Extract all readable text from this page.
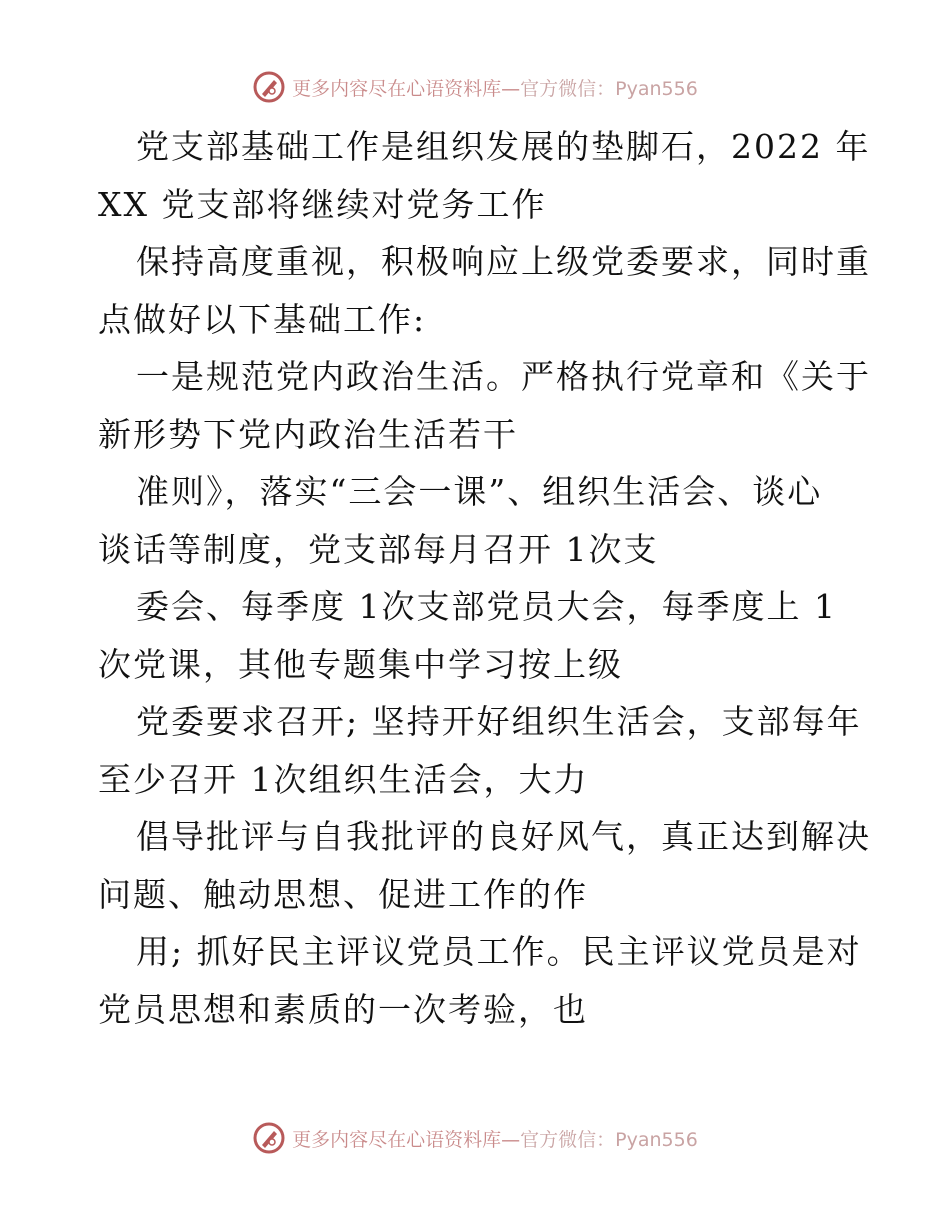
更多内容尽在心语资料库—官方微信：Pyan556
党支部基础工作是组织发展的垫脚石，2022 年
XX 党支部将继续对党务工作
保持高度重视，积极响应上级党委要求，同时重
点做好以下基础工作:
一是规范党内政治生活。严格执行党章和《关于
新形势下党内政治生活若干
准则》，落实“三会一课”、组织生活会、谈心
谈话等制度，党支部每月召开 1次支
委会、每季度 1次支部党员大会，每季度上 1
次党课，其他专题集中学习按上级
党委要求召开; 坚持开好组织生活会，支部每年
至少召开 1次组织生活会，大力
倡导批评与自我批评的良好风气，真正达到解决
问题、触动思想、促进工作的作
用; 抓好民主评议党员工作。民主评议党员是对
党员思想和素质的一次考验，也
更多内容尽在心语资料库—官方微信：Pyan556
